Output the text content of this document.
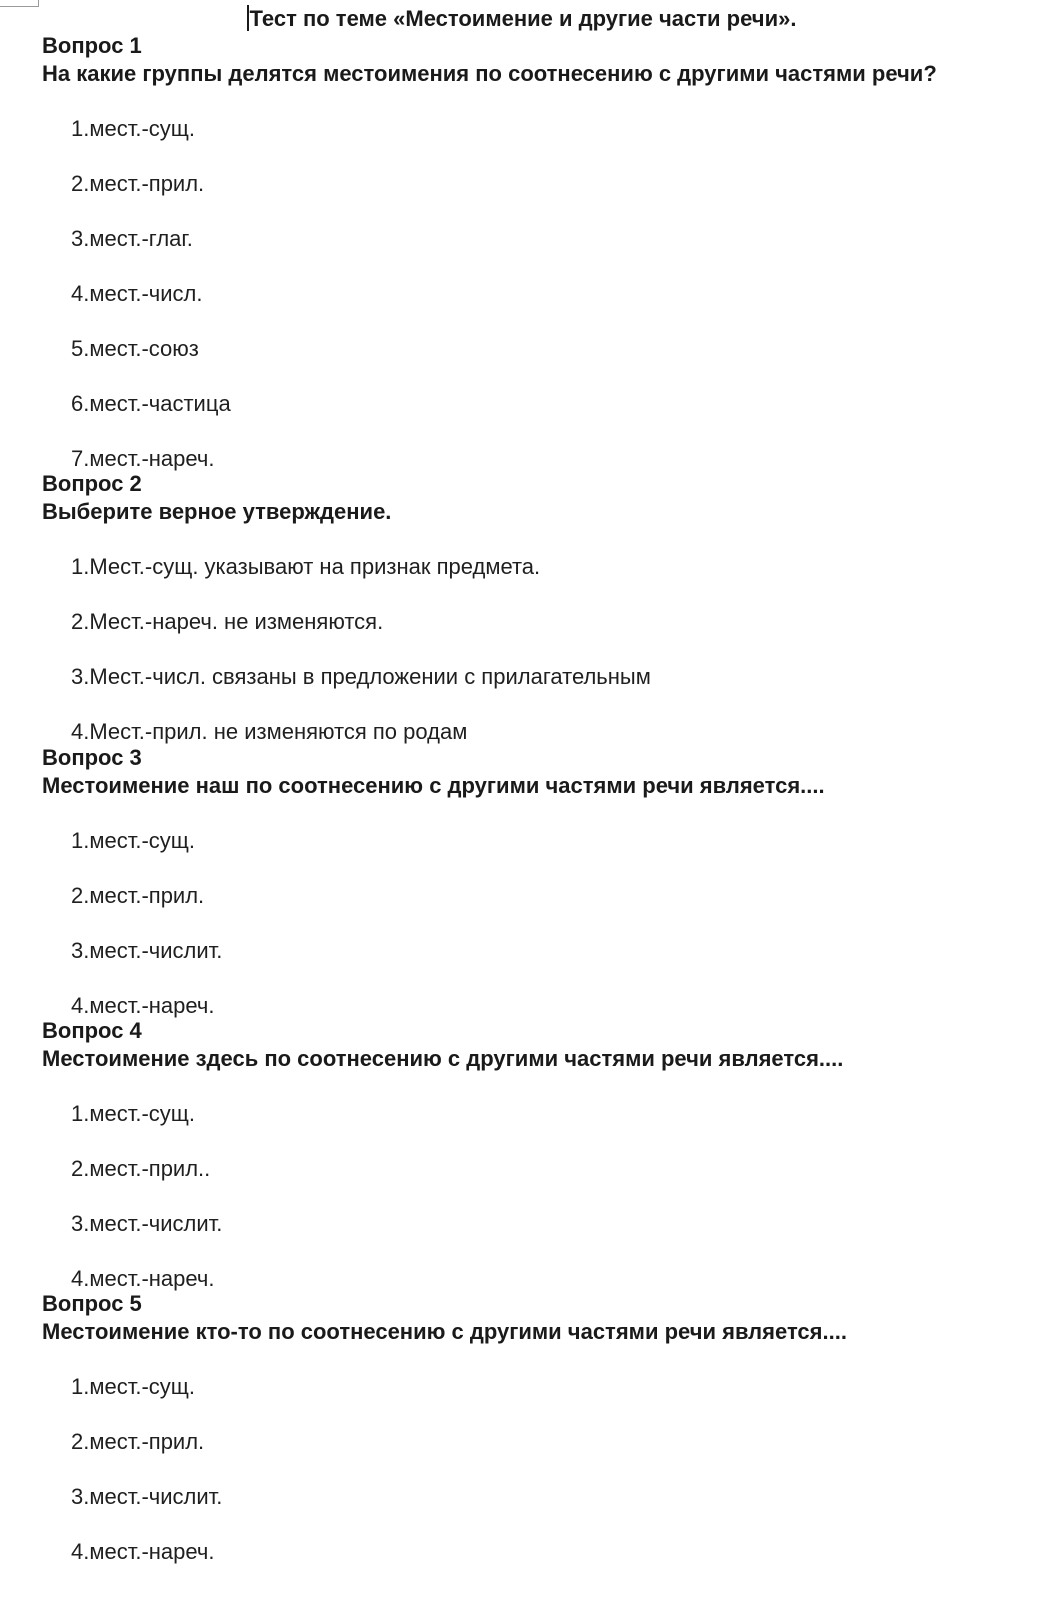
Тест по теме «Местоимение и другие части речи».

Вопрос 1

На какие группы делятся местоимения по соотнесению с другими частями речи?

1.мест.-сущ.
2.мест.-прил.
3.мест.-глаг.
4.мест.-числ.
5.мест.-союз
6.мест.-частица
7.мест.-нареч.

Вопрос 2

Выберите верное утверждение.

1.Мест.-сущ. указывают на признак предмета.
2.Мест.-нареч. не изменяются.
3.Мест.-числ. связаны в предложении с прилагательным
4.Мест.-прил. не изменяются по родам

Вопрос 3

Местоимение наш по соотнесению с другими частями речи является....

1.мест.-сущ.
2.мест.-прил.
3.мест.-числит.
4.мест.-нареч.

Вопрос 4

Местоимение здесь по соотнесению с другими частями речи является....

1.мест.-сущ.
2.мест.-прил..
3.мест.-числит.
4.мест.-нареч.

Вопрос 5

Местоимение кто-то по соотнесению с другими частями речи является....

1.мест.-сущ.
2.мест.-прил.
3.мест.-числит.
4.мест.-нареч.
